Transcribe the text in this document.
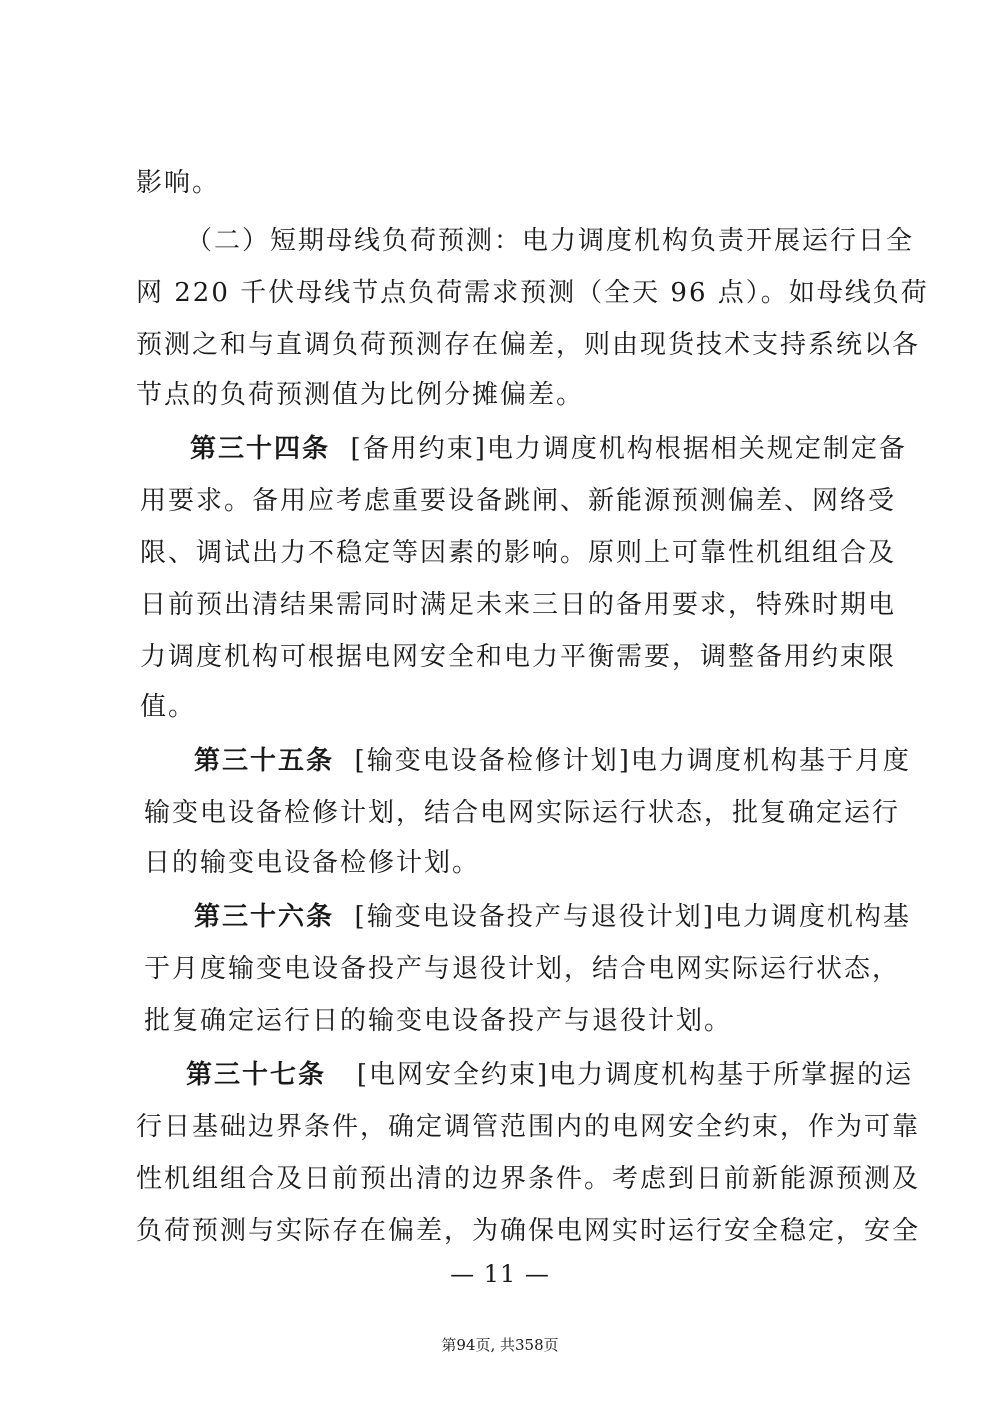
影响。
（二）短期母线负荷预测：电力调度机构负责开展运行日全
网 220 千伏母线节点负荷需求预测（全天 96 点）。如母线负荷
预测之和与直调负荷预测存在偏差，则由现货技术支持系统以各
节点的负荷预测值为比例分摊偏差。
第三十四条 [备用约束]电力调度机构根据相关规定制定备
用要求。备用应考虑重要设备跳闸、新能源预测偏差、网络受
限、调试出力不稳定等因素的影响。原则上可靠性机组组合及
日前预出清结果需同时满足未来三日的备用要求，特殊时期电
力调度机构可根据电网安全和电力平衡需要，调整备用约束限
值。
第三十五条 [输变电设备检修计划]电力调度机构基于月度
输变电设备检修计划，结合电网实际运行状态，批复确定运行
日的输变电设备检修计划。
第三十六条 [输变电设备投产与退役计划]电力调度机构基
于月度输变电设备投产与退役计划，结合电网实际运行状态，
批复确定运行日的输变电设备投产与退役计划。
第三十七条 [电网安全约束]电力调度机构基于所掌握的运
行日基础边界条件，确定调管范围内的电网安全约束，作为可靠
性机组组合及日前预出清的边界条件。考虑到日前新能源预测及
负荷预测与实际存在偏差，为确保电网实时运行安全稳定，安全
— 11 —
第94页, 共358页
